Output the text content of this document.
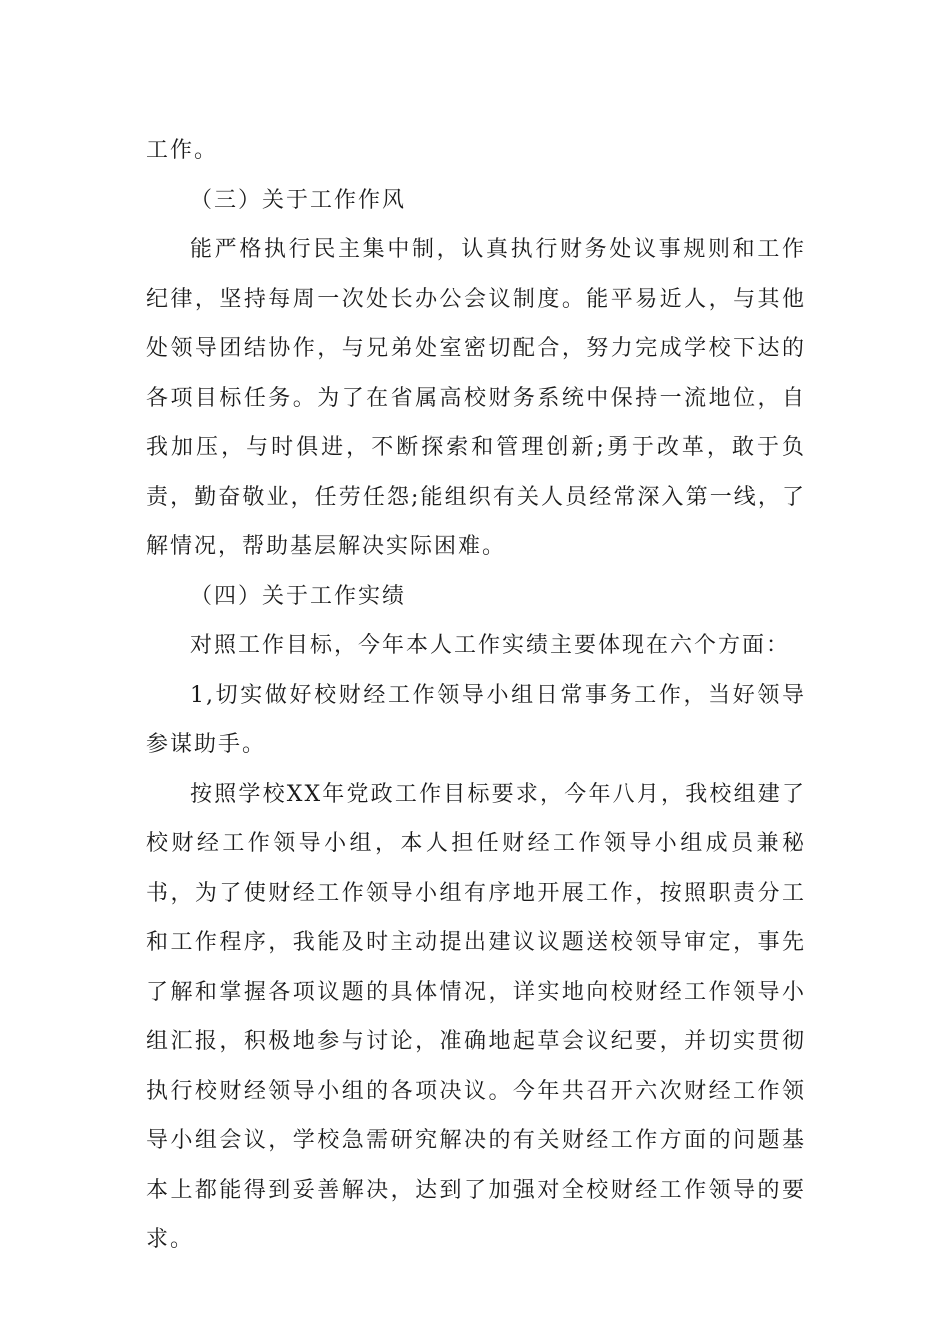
工作。

（三）关于工作作风

能严格执行民主集中制，认真执行财务处议事规则和工作纪律，坚持每周一次处长办公会议制度。能平易近人，与其他处领导团结协作，与兄弟处室密切配合，努力完成学校下达的各项目标任务。为了在省属高校财务系统中保持一流地位，自我加压，与时俱进，不断探索和管理创新;勇于改革，敢于负责，勤奋敬业，任劳任怨;能组织有关人员经常深入第一线，了解情况，帮助基层解决实际困难。

（四）关于工作实绩

对照工作目标，今年本人工作实绩主要体现在六个方面：

1,切实做好校财经工作领导小组日常事务工作，当好领导参谋助手。

按照学校XX年党政工作目标要求，今年八月，我校组建了校财经工作领导小组，本人担任财经工作领导小组成员兼秘书，为了使财经工作领导小组有序地开展工作，按照职责分工和工作程序，我能及时主动提出建议议题送校领导审定，事先了解和掌握各项议题的具体情况，详实地向校财经工作领导小组汇报，积极地参与讨论，准确地起草会议纪要，并切实贯彻执行校财经领导小组的各项决议。今年共召开六次财经工作领导小组会议，学校急需研究解决的有关财经工作方面的问题基本上都能得到妥善解决，达到了加强对全校财经工作领导的要求。
